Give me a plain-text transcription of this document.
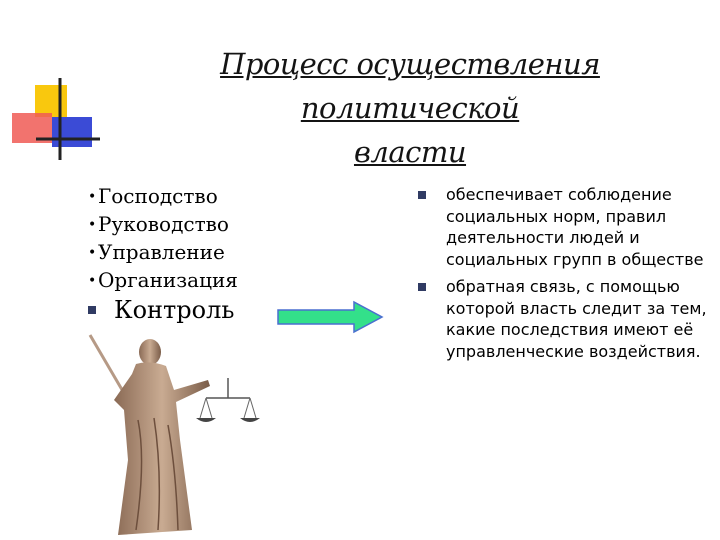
Процесс осуществления политической
власти
•Господство
•Руководство
•Управление
•Организация
Контроль
обеспечивает соблюдение социальных норм, правил деятельности людей и социальных групп в обществе
обратная связь, с помощью которой власть следит за тем, какие последствия имеют её управленческие воздействия.
